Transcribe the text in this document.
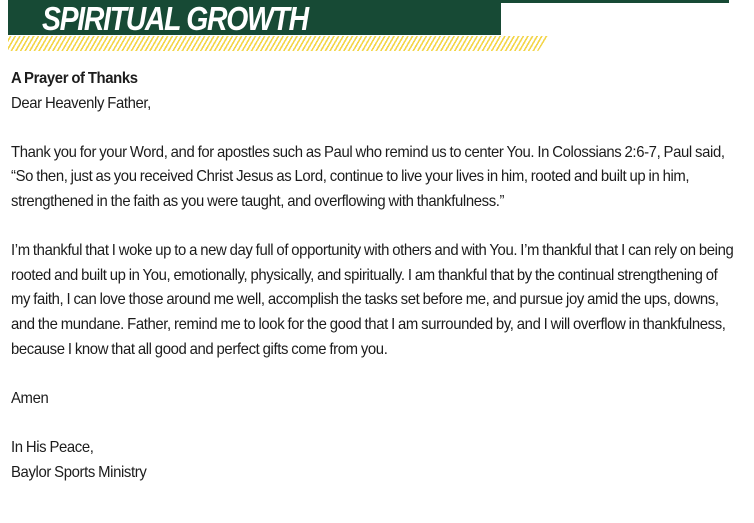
SPIRITUAL GROWTH

A Prayer of Thanks

Dear Heavenly Father,

Thank you for your Word, and for apostles such as Paul who remind us to center You. In Colossians 2:6-7, Paul said, “So then, just as you received Christ Jesus as Lord, continue to live your lives in him, rooted and built up in him, strengthened in the faith as you were taught, and overflowing with thankfulness.”

I’m thankful that I woke up to a new day full of opportunity with others and with You. I’m thankful that I can rely on being rooted and built up in You, emotionally, physically, and spiritually. I am thankful that by the continual strengthening of my faith, I can love those around me well, accomplish the tasks set before me, and pursue joy amid the ups, downs, and the mundane. Father, remind me to look for the good that I am surrounded by, and I will overflow in thankfulness, because I know that all good and perfect gifts come from you.

Amen

In His Peace,

Baylor Sports Ministry
